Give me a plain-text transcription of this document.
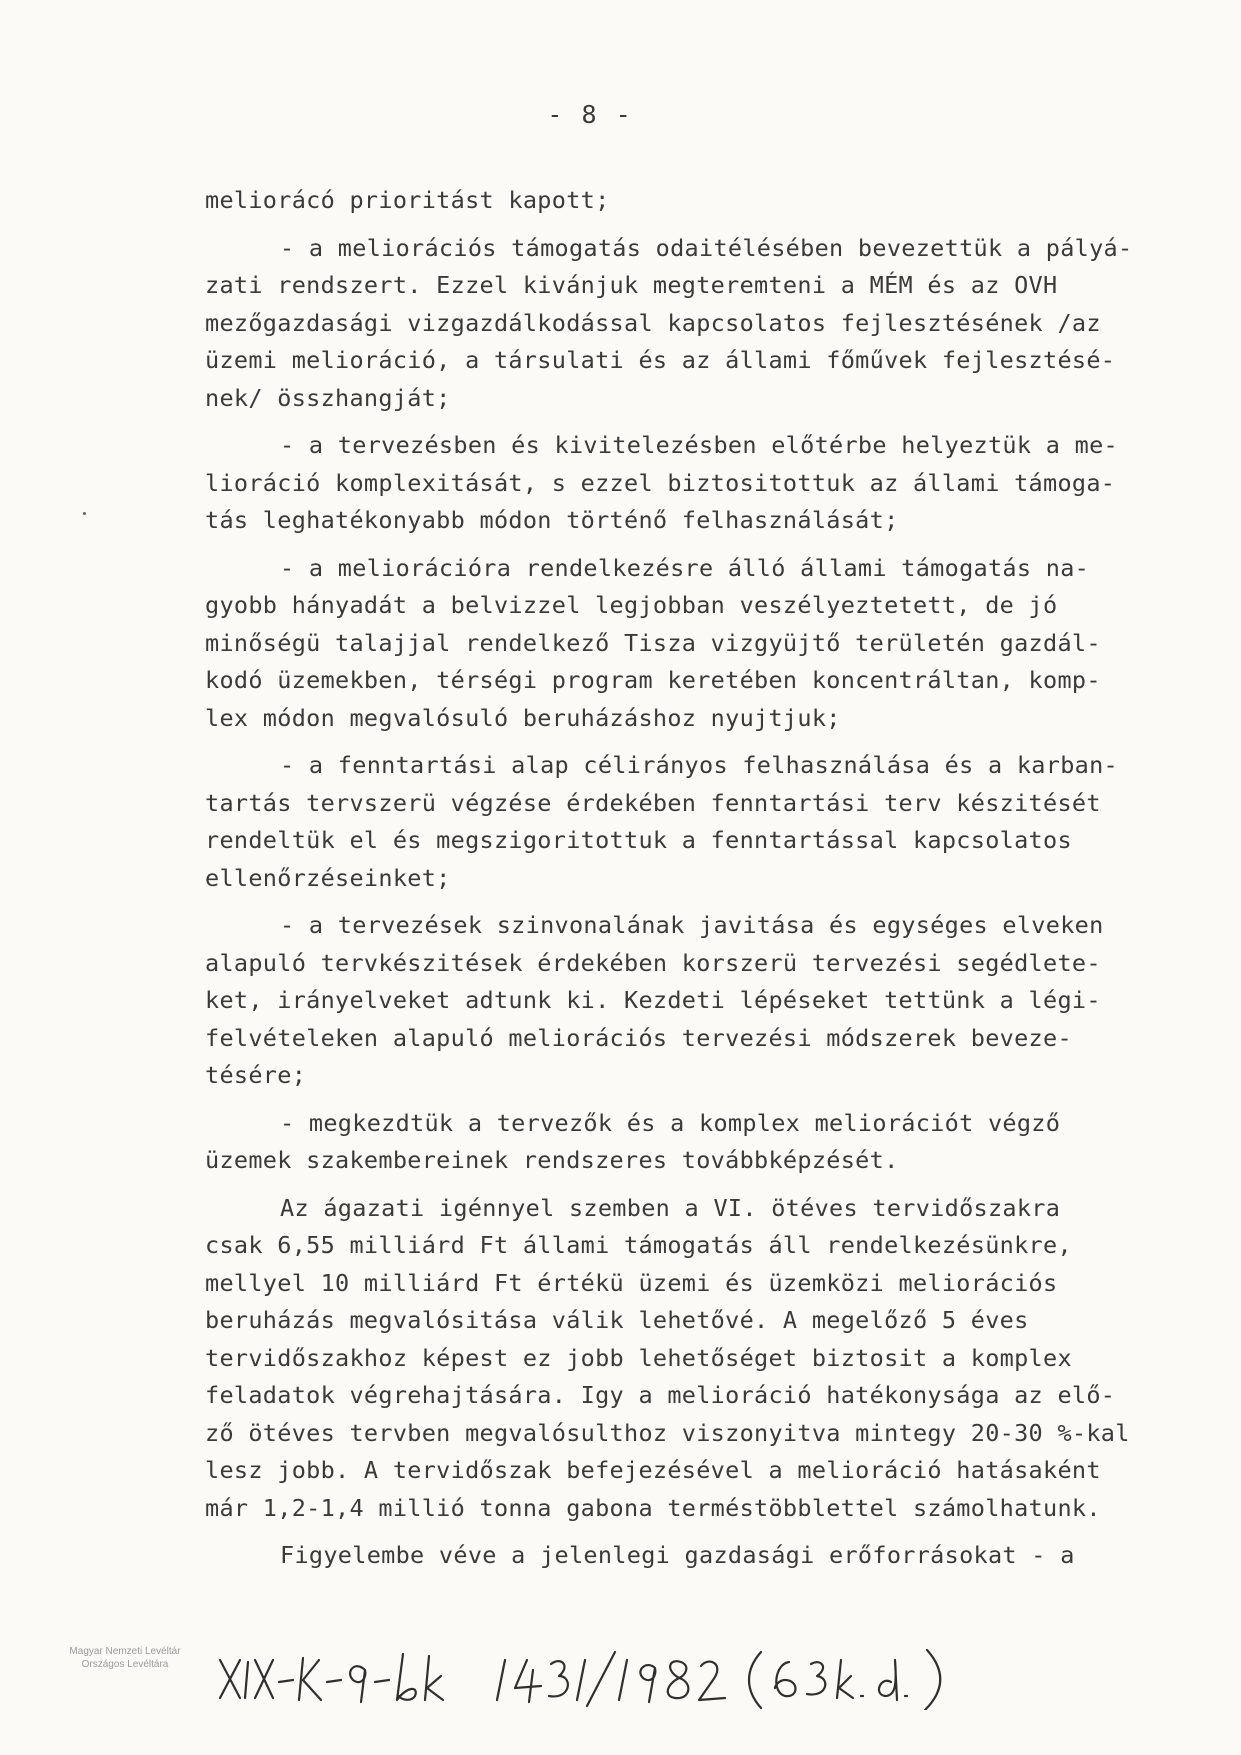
- 8 -
meliorácó prioritást kapott;
- a meliorációs támogatás odaitélésében bevezettük a pályá-
zati rendszert. Ezzel kivánjuk megteremteni a MÉM és az OVH
mezőgazdasági vizgazdálkodással kapcsolatos fejlesztésének /az
üzemi melioráció, a társulati és az állami főművek fejlesztésé-
nek/ összhangját;
- a tervezésben és kivitelezésben előtérbe helyeztük a me-
lioráció komplexitását, s ezzel biztositottuk az állami támoga-
tás leghatékonyabb módon történő felhasználását;
- a meliorációra rendelkezésre álló állami támogatás na-
gyobb hányadát a belvizzel legjobban veszélyeztetett, de jó
minőségü talajjal rendelkező Tisza vizgyüjtő területén gazdál-
kodó üzemekben, térségi program keretében koncentráltan, komp-
lex módon megvalósuló beruházáshoz nyujtjuk;
- a fenntartási alap célirányos felhasználása és a karban-
tartás tervszerü végzése érdekében fenntartási terv készitését
rendeltük el és megszigoritottuk a fenntartással kapcsolatos
ellenőrzéseinket;
- a tervezések szinvonalának javitása és egységes elveken
alapuló tervkészitések érdekében korszerü tervezési segédlete-
ket, irányelveket adtunk ki. Kezdeti lépéseket tettünk a légi-
felvételeken alapuló meliorációs tervezési módszerek beveze-
tésére;
- megkezdtük a tervezők és a komplex meliorációt végző
üzemek szakembereinek rendszeres továbbképzését.
Az ágazati igénnyel szemben a VI. ötéves tervidőszakra
csak 6,55 milliárd Ft állami támogatás áll rendelkezésünkre,
mellyel 10 milliárd Ft értékü üzemi és üzemközi meliorációs
beruházás megvalósitása válik lehetővé. A megelőző 5 éves
tervidőszakhoz képest ez jobb lehetőséget biztosit a komplex
feladatok végrehajtására. Igy a melioráció hatékonysága az elő-
ző ötéves tervben megvalósulthoz viszonyitva mintegy 20-30 %-kal
lesz jobb. A tervidőszak befejezésével a melioráció hatásaként
már 1,2-1,4 millió tonna gabona terméstöbblettel számolhatunk.
Figyelembe véve a jelenlegi gazdasági erőforrásokat - a
Magyar Nemzeti Levéltár
Országos Levéltára
